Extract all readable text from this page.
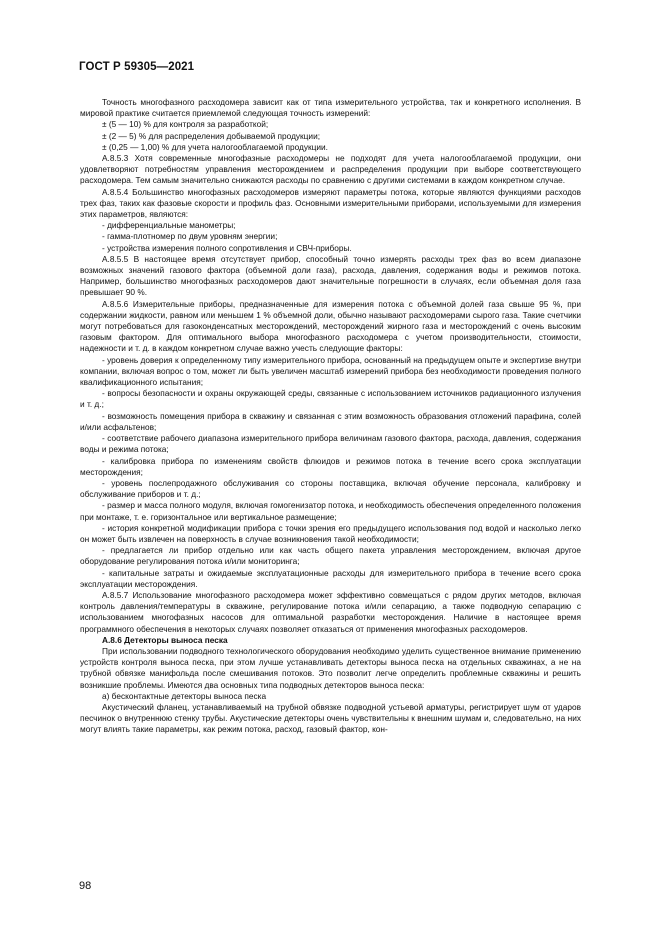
ГОСТ Р 59305—2021

Точность многофазного расходомера зависит как от типа измерительного устройства, так и конкретного исполнения. В мировой практике считается приемлемой следующая точность измерений:

± (5 — 10) % для контроля за разработкой;

± (2 — 5) % для распределения добываемой продукции;

± (0,25 — 1,00) % для учета налогооблагаемой продукции.

А.8.5.3 Хотя современные многофазные расходомеры не подходят для учета налогооблагаемой продукции, они удовлетворяют потребностям управления месторождением и распределения продукции при выборе соответствующего расходомера. Тем самым значительно снижаются расходы по сравнению с другими системами в каждом конкретном случае.

А.8.5.4 Большинство многофазных расходомеров измеряют параметры потока, которые являются функциями расходов трех фаз, таких как фазовые скорости и профиль фаз. Основными измерительными приборами, используемыми для измерения этих параметров, являются:

- дифференциальные манометры;

- гамма-плотномер по двум уровням энергии;

- устройства измерения полного сопротивления и СВЧ-приборы.

А.8.5.5 В настоящее время отсутствует прибор, способный точно измерять расходы трех фаз во всем диапазоне возможных значений газового фактора (объемной доли газа), расхода, давления, содержания воды и режимов потока. Например, большинство многофазных расходомеров дают значительные погрешности в случаях, если объемная доля газа превышает 90 %.

А.8.5.6 Измерительные приборы, предназначенные для измерения потока с объемной долей газа свыше 95 %, при содержании жидкости, равном или меньшем 1 % объемной доли, обычно называют расходомерами сырого газа. Такие счетчики могут потребоваться для газоконденсатных месторождений, месторождений жирного газа и месторождений с очень высоким газовым фактором. Для оптимального выбора многофазного расходомера с учетом производительности, стоимости, надежности и т. д. в каждом конкретном случае важно учесть следующие факторы:

- уровень доверия к определенному типу измерительного прибора, основанный на предыдущем опыте и экспертизе внутри компании, включая вопрос о том, может ли быть увеличен масштаб измерений прибора без необходимости проведения полного квалификационного испытания;

- вопросы безопасности и охраны окружающей среды, связанные с использованием источников радиационного излучения и т. д.;

- возможность помещения прибора в скважину и связанная с этим возможность образования отложений парафина, солей и/или асфальтенов;

- соответствие рабочего диапазона измерительного прибора величинам газового фактора, расхода, давления, содержания воды и режима потока;

- калибровка прибора по изменениям свойств флюидов и режимов потока в течение всего срока эксплуатации месторождения;

- уровень послепродажного обслуживания со стороны поставщика, включая обучение персонала, калибровку и обслуживание приборов и т. д.;

- размер и масса полного модуля, включая гомогенизатор потока, и необходимость обеспечения определенного положения при монтаже, т. е. горизонтальное или вертикальное размещение;

- история конкретной модификации прибора с точки зрения его предыдущего использования под водой и насколько легко он может быть извлечен на поверхность в случае возникновения такой необходимости;

- предлагается ли прибор отдельно или как часть общего пакета управления месторождением, включая другое оборудование регулирования потока и/или мониторинга;

- капитальные затраты и ожидаемые эксплуатационные расходы для измерительного прибора в течение всего срока эксплуатации месторождения.

А.8.5.7 Использование многофазного расходомера может эффективно совмещаться с рядом других методов, включая контроль давления/температуры в скважине, регулирование потока и/или сепарацию, а также подводную сепарацию с использованием многофазных насосов для оптимальной разработки месторождения. Наличие в настоящее время программного обеспечения в некоторых случаях позволяет отказаться от применения многофазных расходомеров.

А.8.6 Детекторы выноса песка

При использовании подводного технологического оборудования необходимо уделить существенное внимание применению устройств контроля выноса песка, при этом лучше устанавливать детекторы выноса песка на отдельных скважинах, а не на трубной обвязке манифольда после смешивания потоков. Это позволит легче определить проблемные скважины и решить возникшие проблемы. Имеются два основных типа подводных детекторов выноса песка:

а) бесконтактные детекторы выноса песка

Акустический фланец, устанавливаемый на трубной обвязке подводной устьевой арматуры, регистрирует шум от ударов песчинок о внутреннюю стенку трубы. Акустические детекторы очень чувствительны к внешним шумам и, следовательно, на них могут влиять такие параметры, как режим потока, расход, газовый фактор, кон-

98
